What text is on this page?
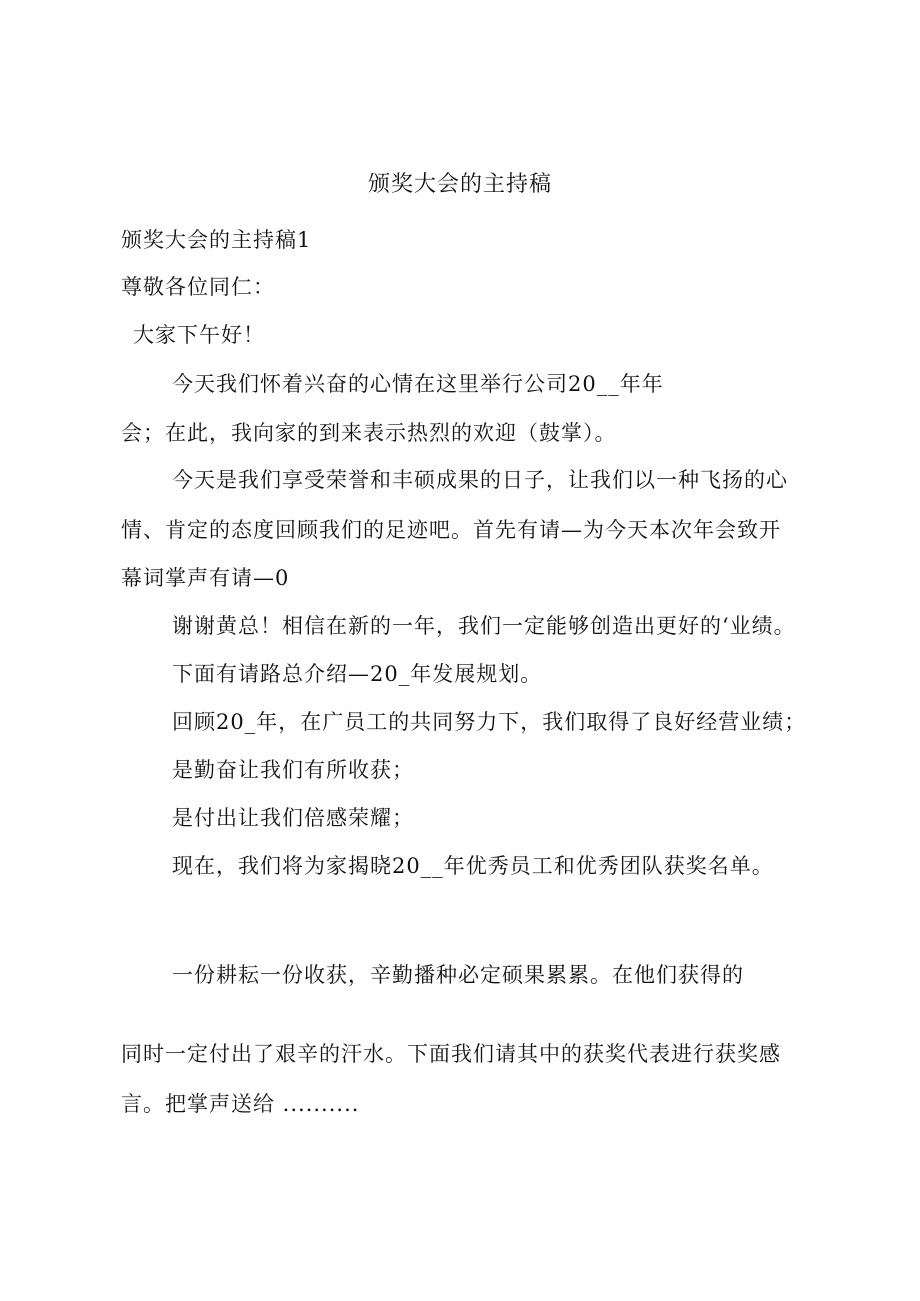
颁奖大会的主持稿
颁奖大会的主持稿1
尊敬各位同仁：
大家下午好！
今天我们怀着兴奋的心情在这里举行公司20__年年
会；在此，我向家的到来表示热烈的欢迎（鼓掌）。
今天是我们享受荣誉和丰硕成果的日子，让我们以一种飞扬的心
情、肯定的态度回顾我们的足迹吧。首先有请—为今天本次年会致开
幕词掌声有请—0
谢谢黄总！相信在新的一年，我们一定能够创造出更好的‘业绩。
下面有请路总介绍—20_年发展规划。
回顾20_年，在广员工的共同努力下，我们取得了良好经营业绩；
是勤奋让我们有所收获；
是付出让我们倍感荣耀；
现在，我们将为家揭晓20__年优秀员工和优秀团队获奖名单。
一份耕耘一份收获，辛勤播种必定硕果累累。在他们获得的
同时一定付出了艰辛的汗水。下面我们请其中的获奖代表进行获奖感
言。把掌声送给 ..........
